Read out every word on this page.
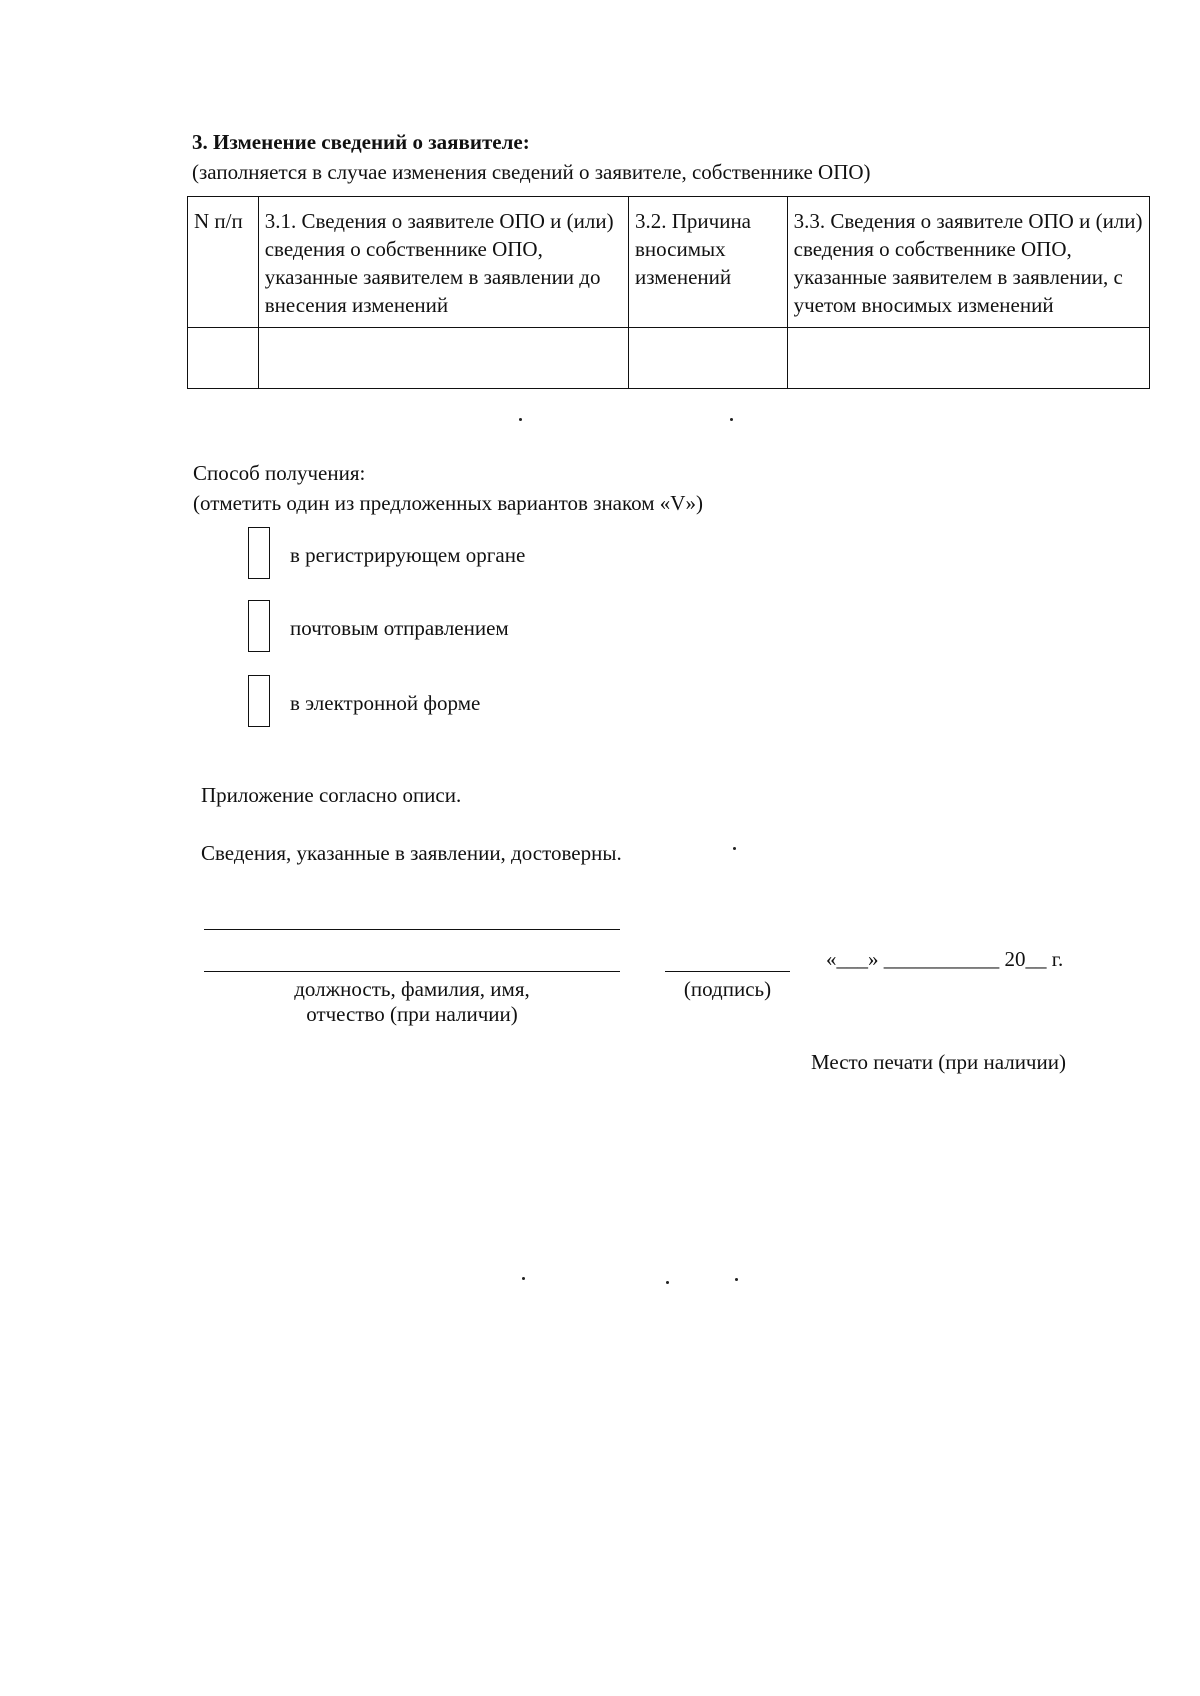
3. Изменение сведений о заявителе:
(заполняется в случае изменения сведений о заявителе, собственнике ОПО)
N п/п	3.1. Сведения о заявителе ОПО и (или) сведения о собственнике ОПО, указанные заявителем в заявлении до внесения изменений	3.2. Причина вносимых изменений	3.3. Сведения о заявителе ОПО и (или) сведения о собственнике ОПО, указанные заявителем в заявлении, с учетом вносимых изменений

Способ получения:
(отметить один из предложенных вариантов знаком «V»)
в регистрирующем органе
почтовым отправлением
в электронной форме
Приложение согласно описи.
Сведения, указанные в заявлении, достоверны.
должность, фамилия, имя,
отчество (при наличии)
(подпись)
«___» ___________ 20__ г.
Место печати (при наличии)
